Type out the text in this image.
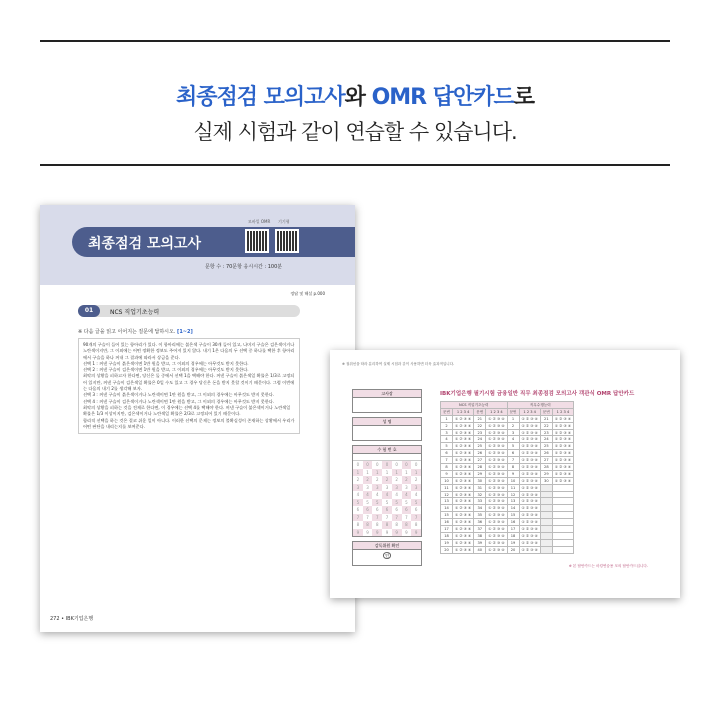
최종점검 모의고사와 OMR 답안카드로
실제 시험과 같이 연습할 수 있습니다.
최종점검 모의고사
모바일 OMR 기기형
문항 수 : 70문항 응시시간 : 100분
정답 및 해설 p.000
01	NCS 직업기초능력
※ 다음 글을 읽고 이어지는 질문에 답하시오. [1~2]
90개의 구슬이 들어 있는 항아리가 있다. 이 항아리에는 붉은색 구슬이 30개 들어 있고, 나머지 구슬은 검은색이거나 노란색이지만, 그 이외에는 어떤 정확한 정보도 주어져 있지 않다. 내기 1은 다음의 두 선택 중 하나를 택한 후 항아리에서 구슬을 하나 꺼내 그 결과에 따라서 상금을 준다.
선택 1 : 꺼낸 구슬이 붉은색이면 1만 원을 받고, 그 이외의 경우에는 아무것도 받지 못한다.
선택 2 : 꺼낸 구슬이 검은색이면 1만 원을 받고, 그 이외의 경우에는 아무것도 받지 못한다.
최악의 상황을 피하고자 한다면, 당신은 둘 중에서 선택 1을 택해야 한다. 꺼낸 구슬이 붉은색일 확률은 1/3로 고정되어 있지만, 꺼낸 구슬이 검은색일 확률은 0일 수도 있고 그 경우 당신은 돈을 받지 못할 것이기 때문이다. 그럼 이번에는 다음의 내기 2를 생각해 보자.
선택 3 : 꺼낸 구슬이 붉은색이거나 노란색이면 1만 원을 받고, 그 이외의 경우에는 아무것도 받지 못한다.
선택 4 : 꺼낸 구슬이 검은색이거나 노란색이면 1만 원을 받고, 그 이외의 경우에는 아무것도 받지 못한다.
최악의 상황을 피하는 것을 전제로 한다면, 이 경우에는 선택 4를 택해야 한다. 꺼낸 구슬이 붉은색이거나 노란색일 확률은 1/3 이상이지만, 검은색이거나 노란색일 확률은 2/3로 고정되어 있기 때문이다.
합리적 선택을 하는 것은 결코 쉬운 일이 아니다. 이러한 선택의 문제는 정보의 불확실성이 존재하는 상황에서 우리가 어떤 판단을 내리는지를 보여준다.
272 • IBK기업은행
※ 절취선을 따라 분리하여 실제 시험과 같이 사용하면 더욱 효과적입니다.
고사장
성 명
수 험 번 호
0	0	0	0	0	0	0
1	1	1	1	1	1	1
2	2	2	2	2	2	2
3	3	3	3	3	3	3
4	4	4	4	4	4	4
5	5	5	5	5	5	5
6	6	6	6	6	6	6
7	7	7	7	7	7	7
8	8	8	8	8	8	8
9	9	9	9	9	9	9
감독위원 확인
인
IBK기업은행 필기시험 금융일반 직무 최종점검 모의고사 객관식 OMR 답안카드
NCS 직업기초능력				직무수행능력			
문번	1 2 3 4	문번	1 2 3 4	문번	1 2 3 4	문번	1 2 3 4
1	① ② ③ ④	21	① ② ③ ④	1	① ② ③ ④	21	① ② ③ ④
2	① ② ③ ④	22	① ② ③ ④	2	① ② ③ ④	22	① ② ③ ④
3	① ② ③ ④	23	① ② ③ ④	3	① ② ③ ④	23	① ② ③ ④
4	① ② ③ ④	24	① ② ③ ④	4	① ② ③ ④	24	① ② ③ ④
5	① ② ③ ④	25	① ② ③ ④	5	① ② ③ ④	25	① ② ③ ④
6	① ② ③ ④	26	① ② ③ ④	6	① ② ③ ④	26	① ② ③ ④
7	① ② ③ ④	27	① ② ③ ④	7	① ② ③ ④	27	① ② ③ ④
8	① ② ③ ④	28	① ② ③ ④	8	① ② ③ ④	28	① ② ③ ④
9	① ② ③ ④	29	① ② ③ ④	9	① ② ③ ④	29	① ② ③ ④
10	① ② ③ ④	30	① ② ③ ④	10	① ② ③ ④	30	① ② ③ ④
11	① ② ③ ④	31	① ② ③ ④	11	① ② ③ ④		
12	① ② ③ ④	32	① ② ③ ④	12	① ② ③ ④		
13	① ② ③ ④	33	① ② ③ ④	13	① ② ③ ④		
14	① ② ③ ④	34	① ② ③ ④	14	① ② ③ ④		
15	① ② ③ ④	35	① ② ③ ④	15	① ② ③ ④		
16	① ② ③ ④	36	① ② ③ ④	16	① ② ③ ④		
17	① ② ③ ④	37	① ② ③ ④	17	① ② ③ ④		
18	① ② ③ ④	38	① ② ③ ④	18	① ② ③ ④		
19	① ② ③ ④	39	① ② ③ ④	19	① ② ③ ④		
20	① ② ③ ④	40	① ② ③ ④	20	① ② ③ ④		
※ 본 답안카드는 마킹연습용 모의 답안카드입니다.
